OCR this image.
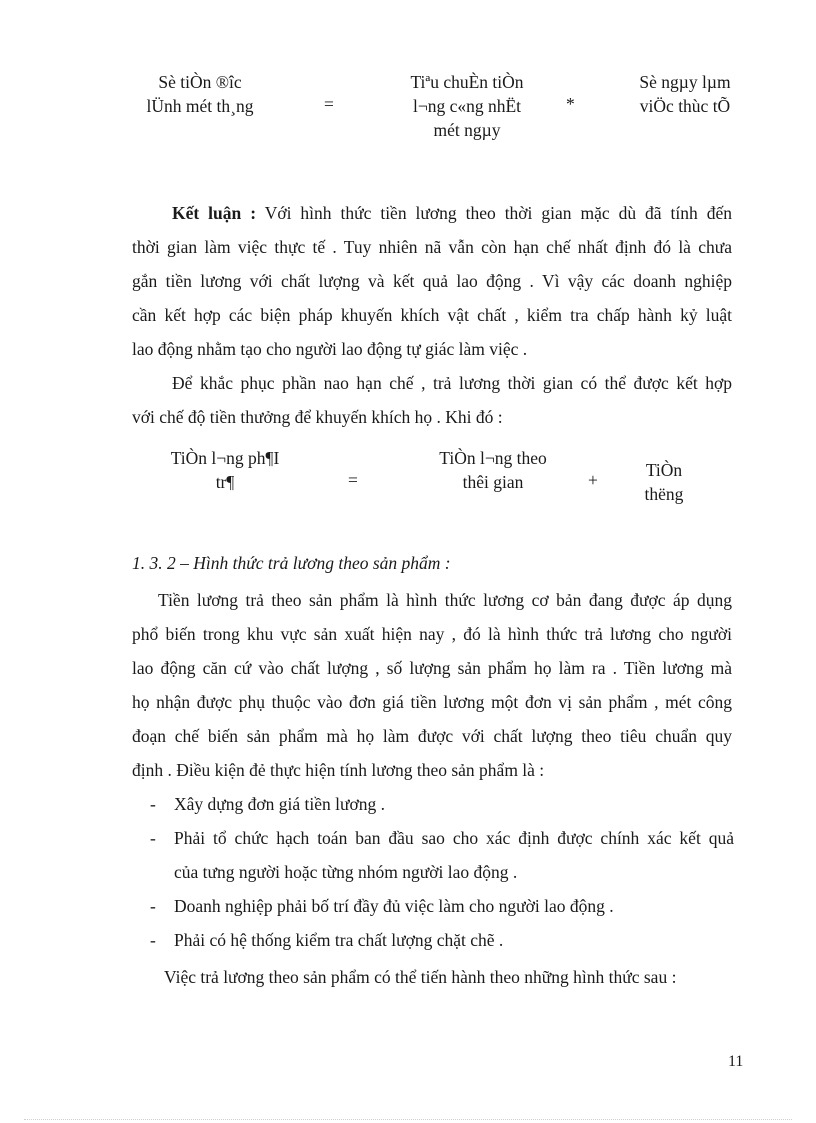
Sè tiÒn ®îc
lÜnh mét th¸ng	=
Tiªu chuÈn tiÒn
l¬ng c«ng nhËt
mét ngµy
*
Sè ngµy lµm
viÖc thùc tÕ
Kết luận : Với hình thức tiền lương theo thời gian mặc dù đã tính đến
thời gian làm việc thực tế . Tuy nhiên nã vẫn còn hạn chế nhất định đó là chưa
gắn tiền lương với chất lượng và kết quả lao động . Vì vậy các doanh nghiệp
cần kết hợp các biện pháp khuyến khích vật chất , kiểm tra chấp hành kỷ luật
lao động nhằm tạo cho người lao động tự giác làm việc .
Để khắc phục phần nao hạn chế , trả lương thời gian có thể được kết hợp
với chế độ tiền thưởng để khuyến khích họ . Khi đó :
TiÒn l¬ng ph¶I
tr¶	=
TiÒn l¬ng theo
thêi gian	+	TiÒn
thëng
1. 3. 2 – Hình thức trả lương theo sản phẩm :
Tiền lương trả theo sản phẩm là hình thức lương cơ bản đang được áp dụng
phổ biến trong khu vực sản xuất hiện nay , đó là hình thức trả lương cho người
lao động căn cứ vào chất lượng , số lượng sản phẩm họ làm ra . Tiền lương mà
họ nhận được phụ thuộc vào đơn giá tiền lương một đơn vị sản phẩm , mét công
đoạn chế biến sản phẩm mà họ làm được với chất lượng theo tiêu chuẩn quy
định . Điều kiện đẻ thực hiện tính lương theo sản phẩm là :
- Xây dựng đơn giá tiền lương .
- Phải tổ chức hạch toán ban đầu sao cho xác định được chính xác kết quả
của tưng người hoặc từng nhóm người lao động .
- Doanh nghiệp phải bố trí đầy đủ việc làm cho người lao động .
- Phải có hệ thống kiểm tra chất lượng chặt chẽ .
Việc trả lương theo sản phẩm có thể tiến hành theo những hình thức sau :
11
